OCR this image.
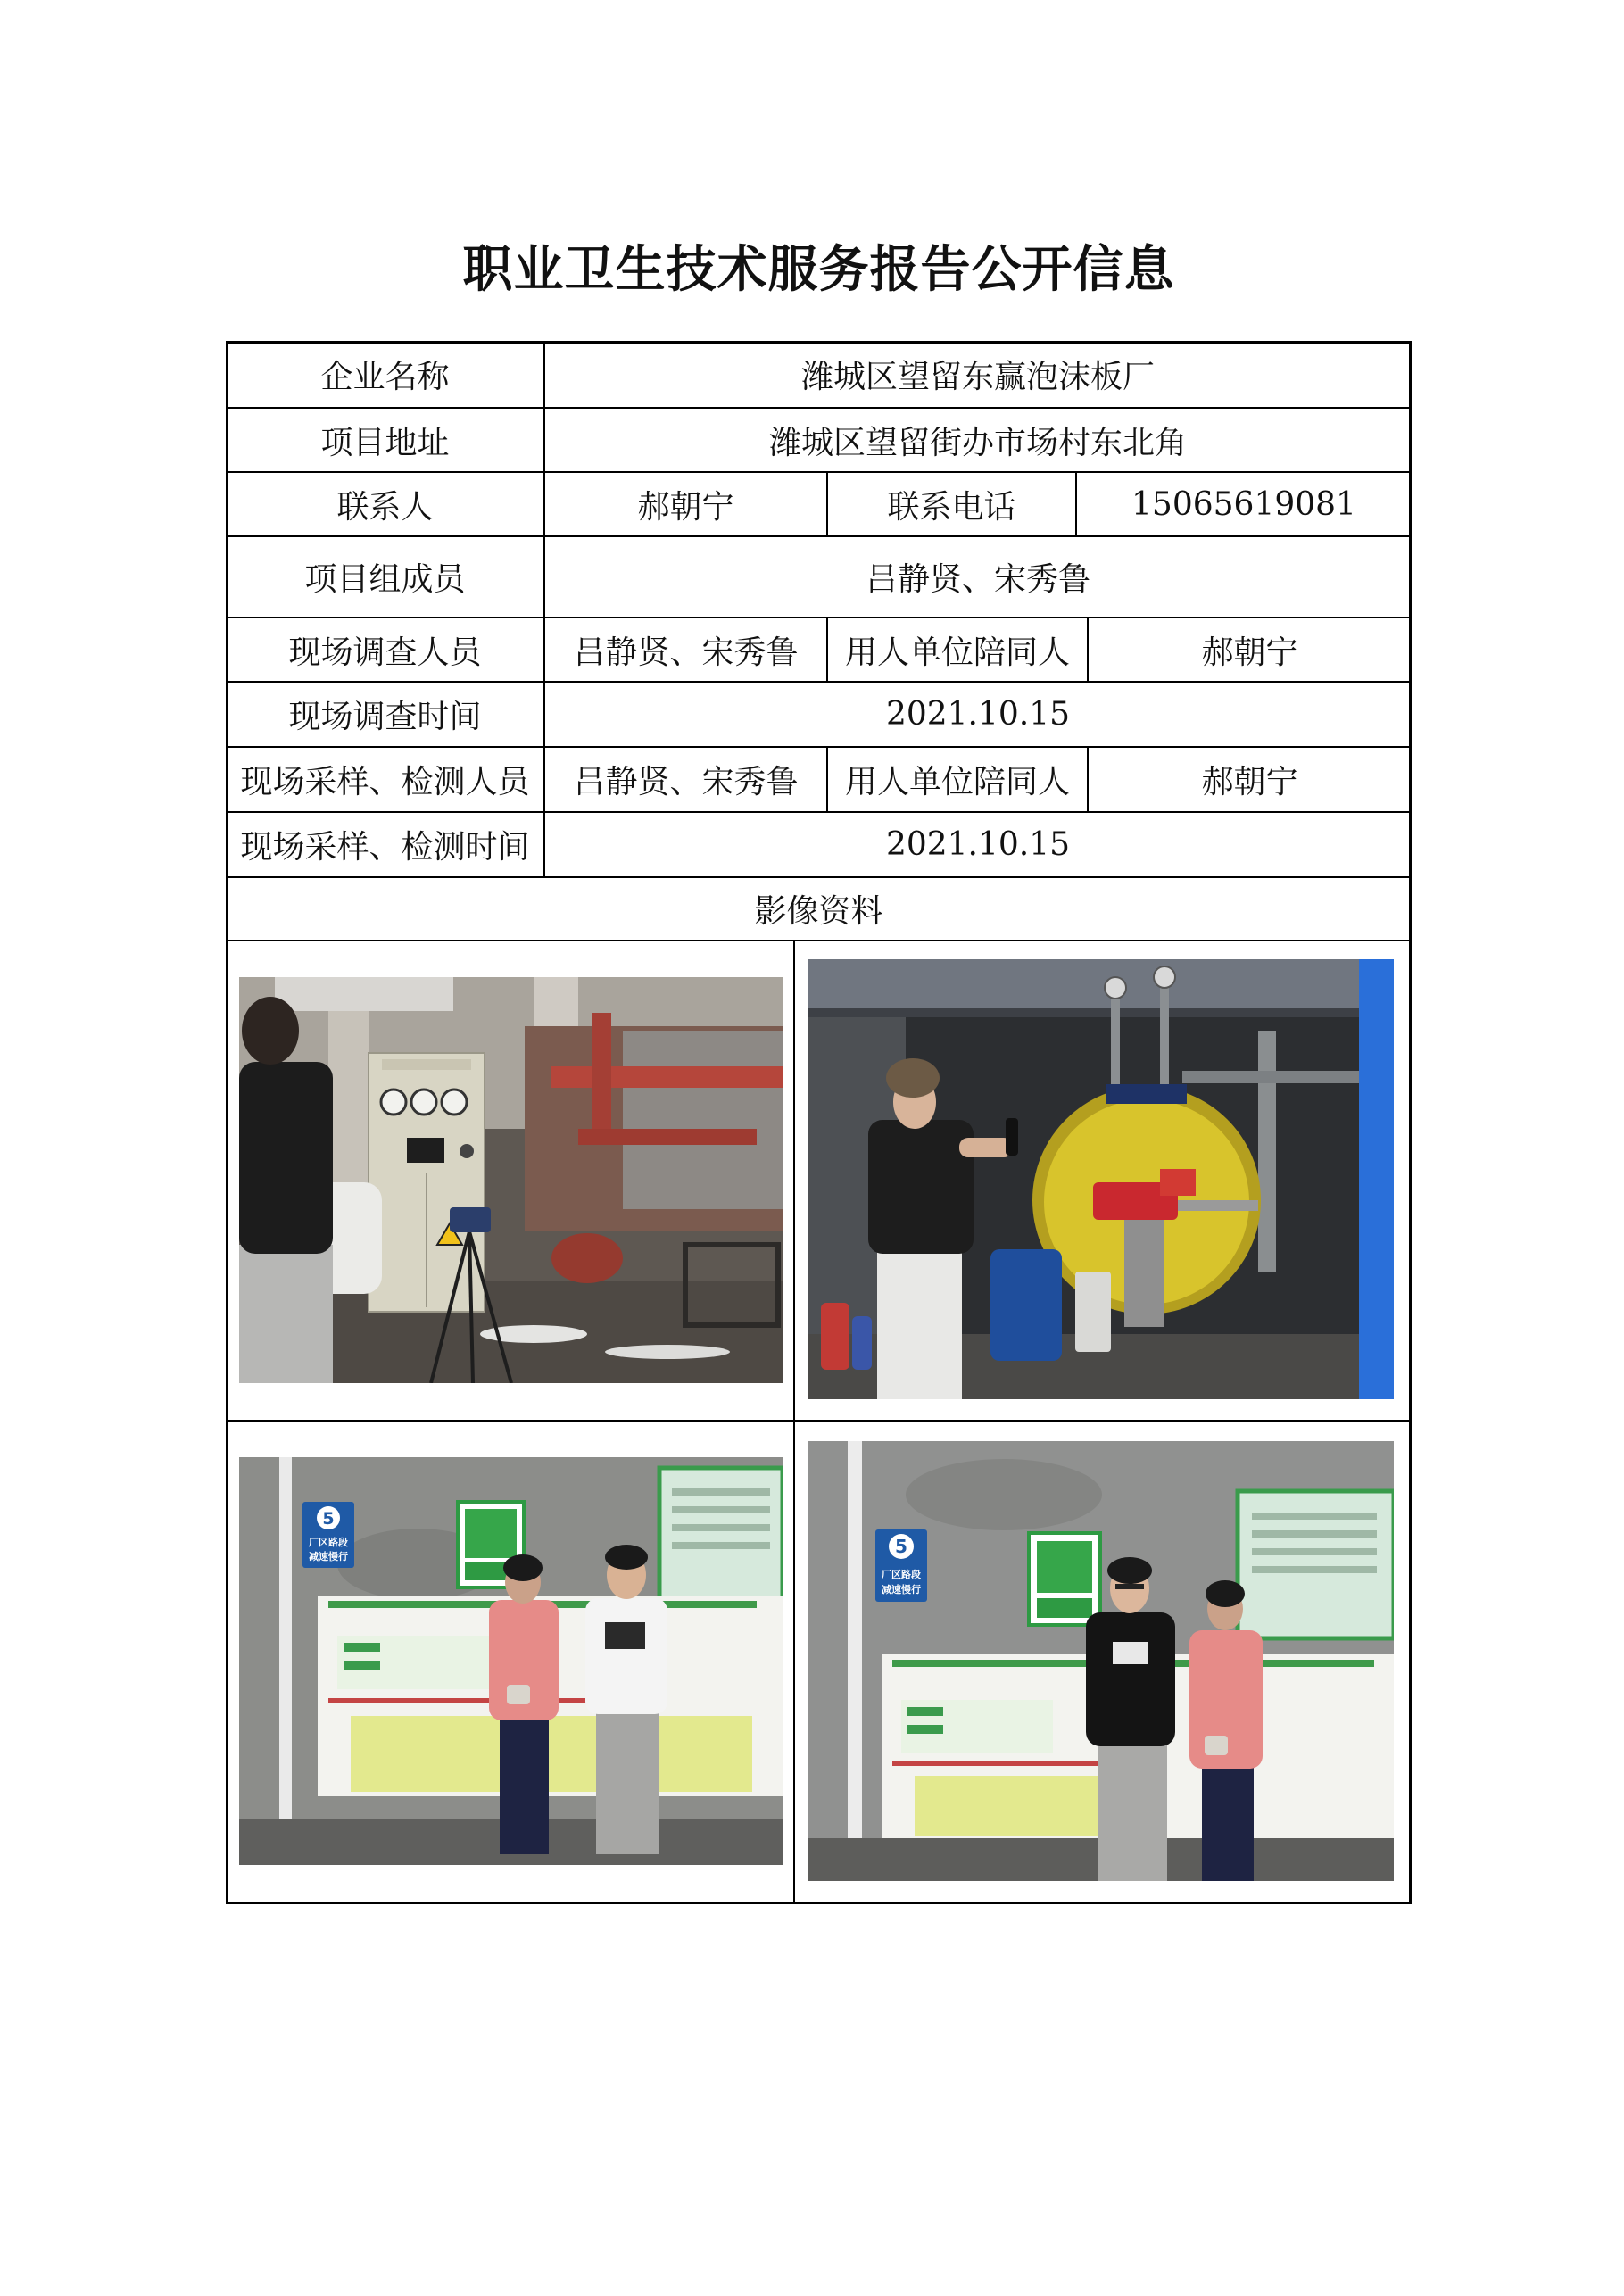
职业卫生技术服务报告公开信息
企业名称	潍城区望留东赢泡沫板厂
项目地址	潍城区望留街办市场村东北角
联系人	郝朝宁	联系电话	15065619081
项目组成员	吕静贤、宋秀鲁
现场调查人员	吕静贤、宋秀鲁	用人单位陪同人	郝朝宁
现场调查时间	2021.10.15
现场采样、检测人员	吕静贤、宋秀鲁	用人单位陪同人	郝朝宁
现场采样、检测时间	2021.10.15
影像资料
5
厂区路段
减速慢行	5
厂区路段
减速慢行
